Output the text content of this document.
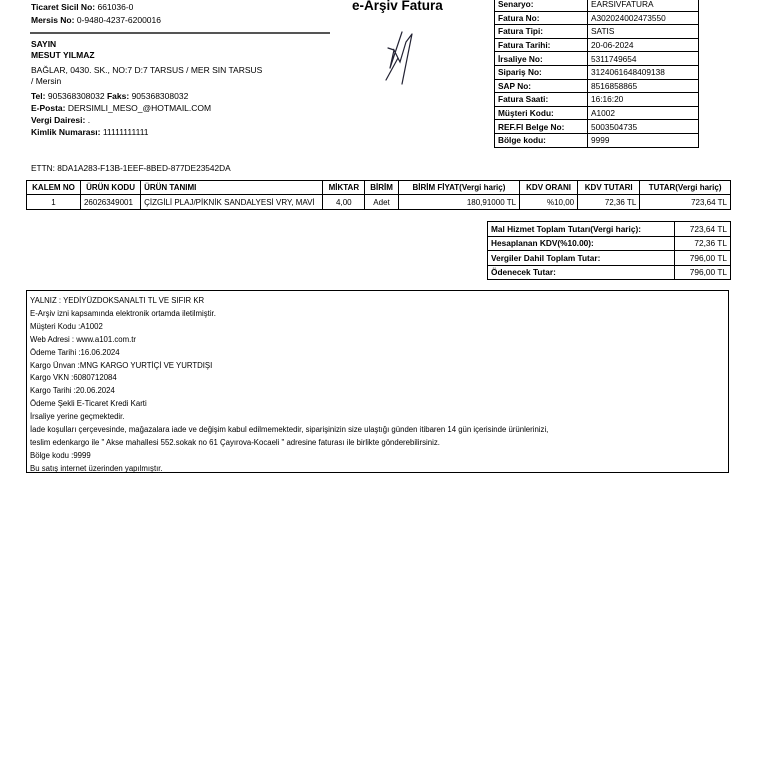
Ticaret Sicil No: 661036-0
Mersis No: 0-9480-4237-6200016
SAYIN
MESUT YILMAZ
BAĞLAR, 0430. SK., NO:7 D:7 TARSUS / MER SIN TARSUS
/ Mersin
Tel: 905368308032 Faks: 905368308032
E-Posta: DERSIMLI_MESO_@HOTMAIL.COM
Vergi Dairesi: .
Kimlik Numarası: 11111111111
e-Arşiv Fatura	Senaryo:	EARSIVFATURA
Fatura No:	A302024002473550
Fatura Tipi:	SATIS
Fatura Tarihi:	20-06-2024
İrsaliye No:	5311749654
Sipariş No:	3124061648409138
SAP No:	8516858865
Fatura Saati:	16:16:20
Müşteri Kodu:	A1002
REF.FI Belge No:	5003504735
Bölge kodu:	9999
ETTN: 8DA1A283-F13B-1EEF-8BED-877DE23542DA
KALEM NO	ÜRÜN KODU	ÜRÜN TANIMI	MİKTAR	BİRİM	BİRİM FİYAT(Vergi hariç)	KDV ORANI	KDV TUTARI	TUTAR(Vergi hariç)
1	26026349001	ÇİZGİLİ PLAJ/PİKNİK SANDALYESİ VRY, MAVİ	4,00	Adet	180,91000 TL	%10,00	72,36 TL	723,64 TL
Mal Hizmet Toplam Tutarı(Vergi hariç):	723,64 TL
Hesaplanan KDV(%10.00):	72,36 TL
Vergiler Dahil Toplam Tutar:	796,00 TL
Ödenecek Tutar:	796,00 TL
YALNIZ : YEDİYÜZDOKSANALTI TL VE SIFIR KR
E-Arşiv izni kapsamında elektronik ortamda iletilmiştir.
Müşteri Kodu :A1002
Web Adresi : www.a101.com.tr
Ödeme Tarihi :16.06.2024
Kargo Ünvan :MNG KARGO YURTİÇİ VE YURTDIŞI
Kargo VKN :6080712084
Kargo Tarihi :20.06.2024
Ödeme Şekli E-Ticaret Kredi Karti
İrsaliye yerine geçmektedir.
İade koşulları çerçevesinde, mağazalara iade ve değişim kabul edilmemektedir, siparişinizin size ulaştığı günden itibaren 14 gün içerisinde ürünlerinizi,
teslim edenkargo ile " Akse mahallesi 552.sokak no 61 Çayırova-Kocaeli " adresine faturası ile birlikte gönderebilirsiniz.
Bölge kodu :9999
Bu satış internet üzerinden yapılmıştır.
